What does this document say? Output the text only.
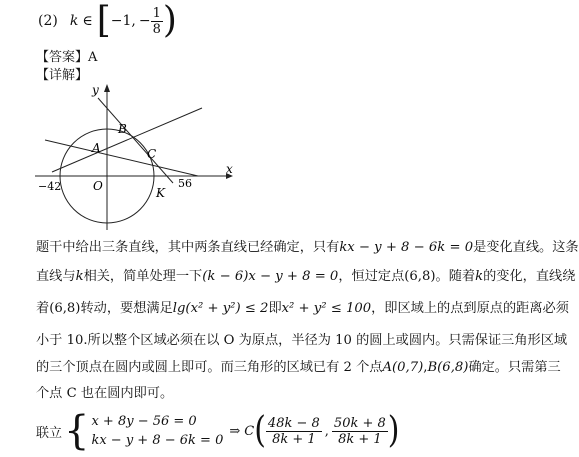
(2) k ∈ [ −1, − $\frac{1}{8}$ )
【答案】A
【详解】
y
x
O
A
B
C
K
−42	56
题干中给出三条直线，其中两条直线已经确定，只有kx − y + 8 − 6k = 0是变化直线。这条
直线与k相关，简单处理一下(k − 6)x − y + 8 = 0，恒过定点(6,8)。随着k的变化，直线绕
着(6,8)转动，要想满足lg(x² + y²) ≤ 2即x² + y² ≤ 100，即区域上的点到原点的距离必须
小于 10.所以整个区域必须在以 O 为原点，半径为 10 的圆上或圆内。只需保证三角形区域
的三个顶点在圆内或圆上即可。而三角形的区域已有 2 个点A(0,7),B(6,8)确定。只需第三
个点 C 也在圆内即可。
联立 { x + 8y − 56 = 0
kx − y + 8 − 6k = 0
⇒ C ( $\frac{48k - 8}{8k + 1}$ , $\frac{50k + 8}{8k + 1}$ )
